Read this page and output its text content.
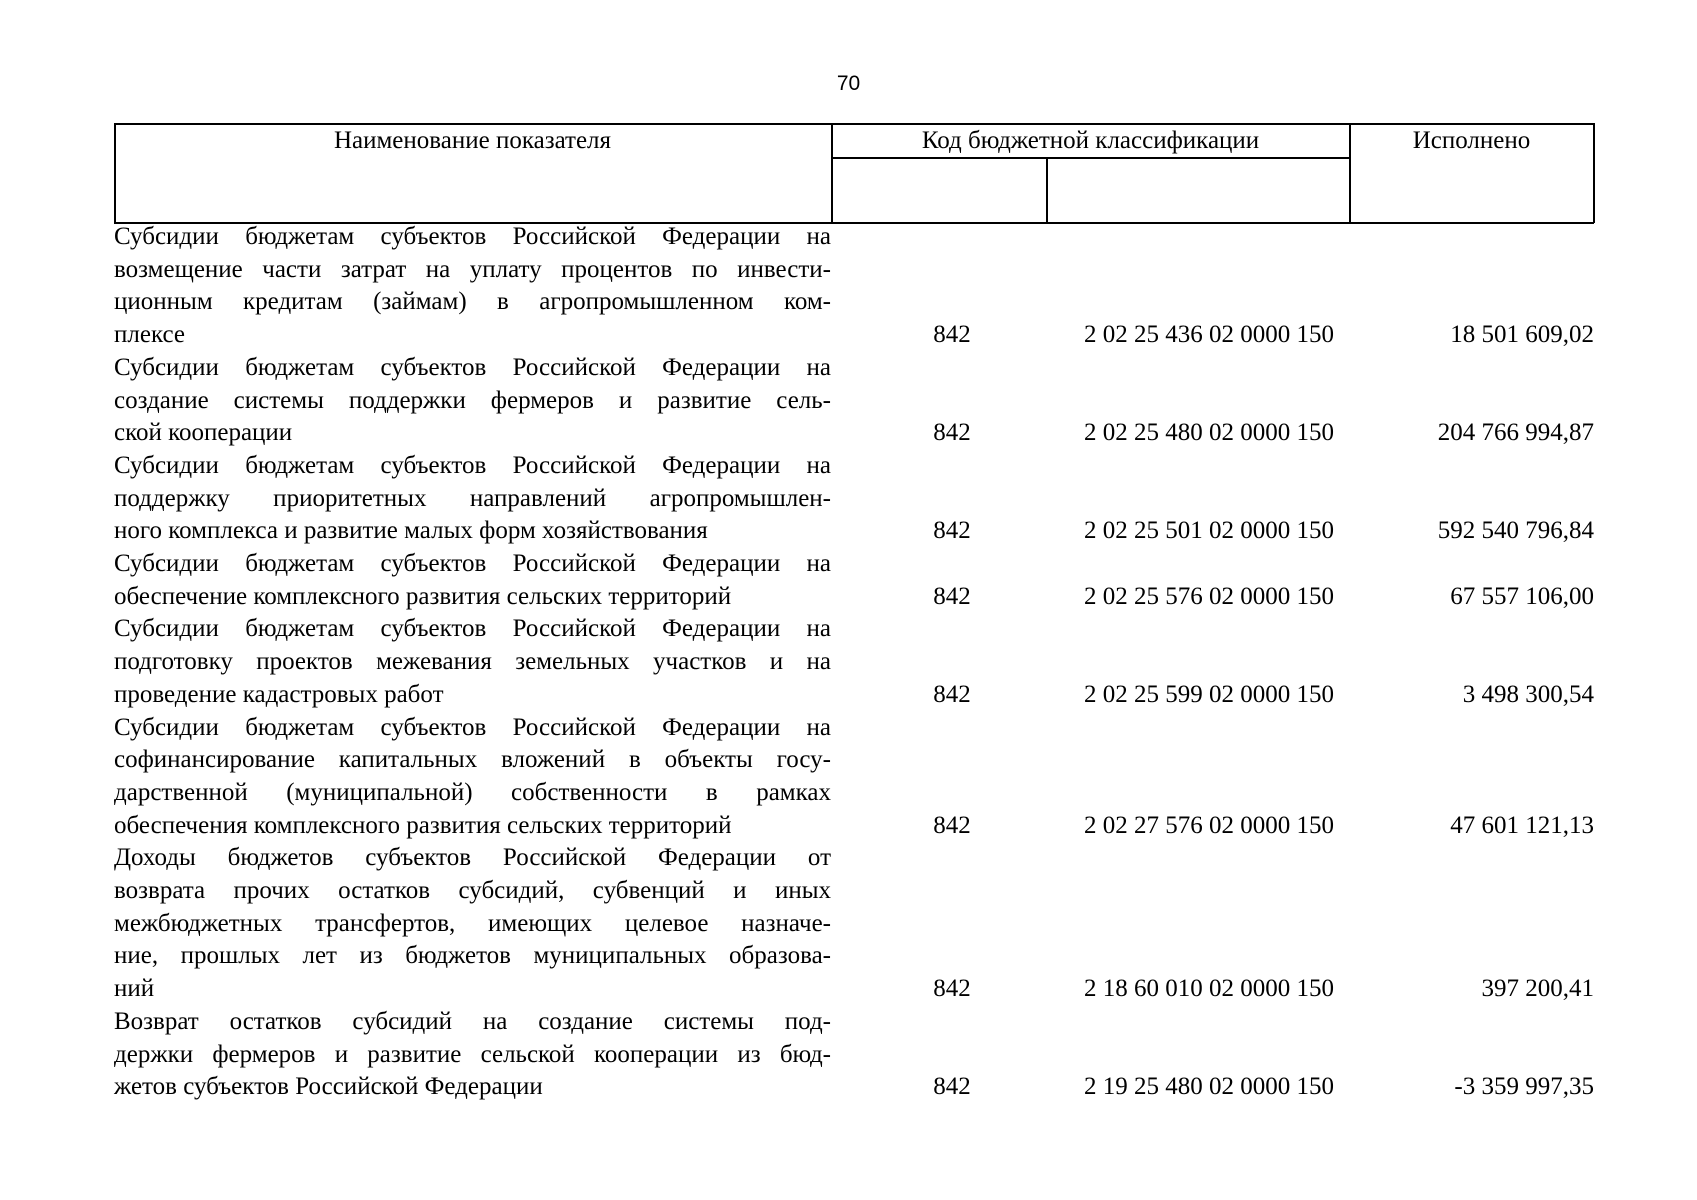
70
Наименование показателя	Код бюджетной классификации	Исполнено
Субсидии бюджетам субъектов Российской Федерации на
возмещение части затрат на уплату процентов по инвести-
ционным кредитам (займам) в агропромышленном ком-
плексе	842	2 02 25 436 02 0000 150	18 501 609,02
Субсидии бюджетам субъектов Российской Федерации на
создание системы поддержки фермеров и развитие сель-
ской кооперации	842	2 02 25 480 02 0000 150	204 766 994,87
Субсидии бюджетам субъектов Российской Федерации на
поддержку приоритетных направлений агропромышлен-
ного комплекса и развитие малых форм хозяйствования	842	2 02 25 501 02 0000 150	592 540 796,84
Субсидии бюджетам субъектов Российской Федерации на
обеспечение комплексного развития сельских территорий	842	2 02 25 576 02 0000 150	67 557 106,00
Субсидии бюджетам субъектов Российской Федерации на
подготовку проектов межевания земельных участков и на
проведение кадастровых работ	842	2 02 25 599 02 0000 150	3 498 300,54
Субсидии бюджетам субъектов Российской Федерации на
софинансирование капитальных вложений в объекты госу-
дарственной (муниципальной) собственности в рамках
обеспечения комплексного развития сельских территорий	842	2 02 27 576 02 0000 150	47 601 121,13
Доходы бюджетов субъектов Российской Федерации от
возврата прочих остатков субсидий, субвенций и иных
межбюджетных трансфертов, имеющих целевое назначе-
ние, прошлых лет из бюджетов муниципальных образова-
ний	842	2 18 60 010 02 0000 150	397 200,41
Возврат остатков субсидий на создание системы под-
держки фермеров и развитие сельской кооперации из бюд-
жетов субъектов Российской Федерации	842	2 19 25 480 02 0000 150	-3 359 997,35
